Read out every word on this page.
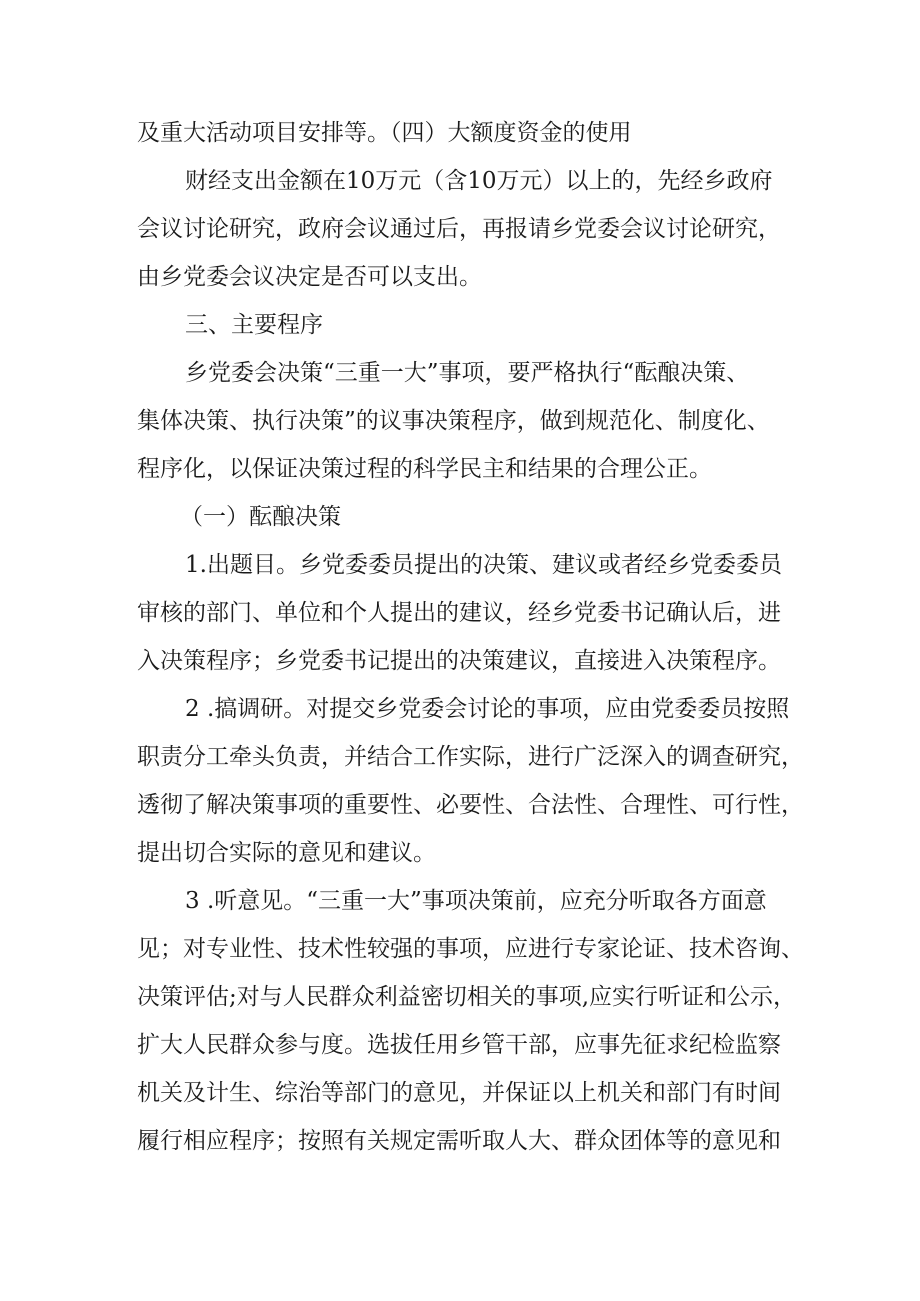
及重大活动项目安排等。（四）大额度资金的使用

财经支出金额在10万元（含10万元）以上的，先经乡政府

会议讨论研究，政府会议通过后，再报请乡党委会议讨论研究，

由乡党委会议决定是否可以支出。

三、主要程序

乡党委会决策“三重一大”事项，要严格执行“酝酿决策、

集体决策、执行决策”的议事决策程序，做到规范化、制度化、

程序化，以保证决策过程的科学民主和结果的合理公正。

（一）酝酿决策

1.出题目。乡党委委员提出的决策、建议或者经乡党委委员

审核的部门、单位和个人提出的建议，经乡党委书记确认后，进

入决策程序；乡党委书记提出的决策建议，直接进入决策程序。

2 .搞调研。对提交乡党委会讨论的事项，应由党委委员按照

职责分工牵头负责，并结合工作实际，进行广泛深入的调查研究，

透彻了解决策事项的重要性、必要性、合法性、合理性、可行性，

提出切合实际的意见和建议。

3 .听意见。“三重一大”事项决策前，应充分听取各方面意

见；对专业性、技术性较强的事项，应进行专家论证、技术咨询、

决策评估;对与人民群众利益密切相关的事项,应实行听证和公示，

扩大人民群众参与度。选拔任用乡管干部，应事先征求纪检监察

机关及计生、综治等部门的意见，并保证以上机关和部门有时间

履行相应程序；按照有关规定需听取人大、群众团体等的意见和
